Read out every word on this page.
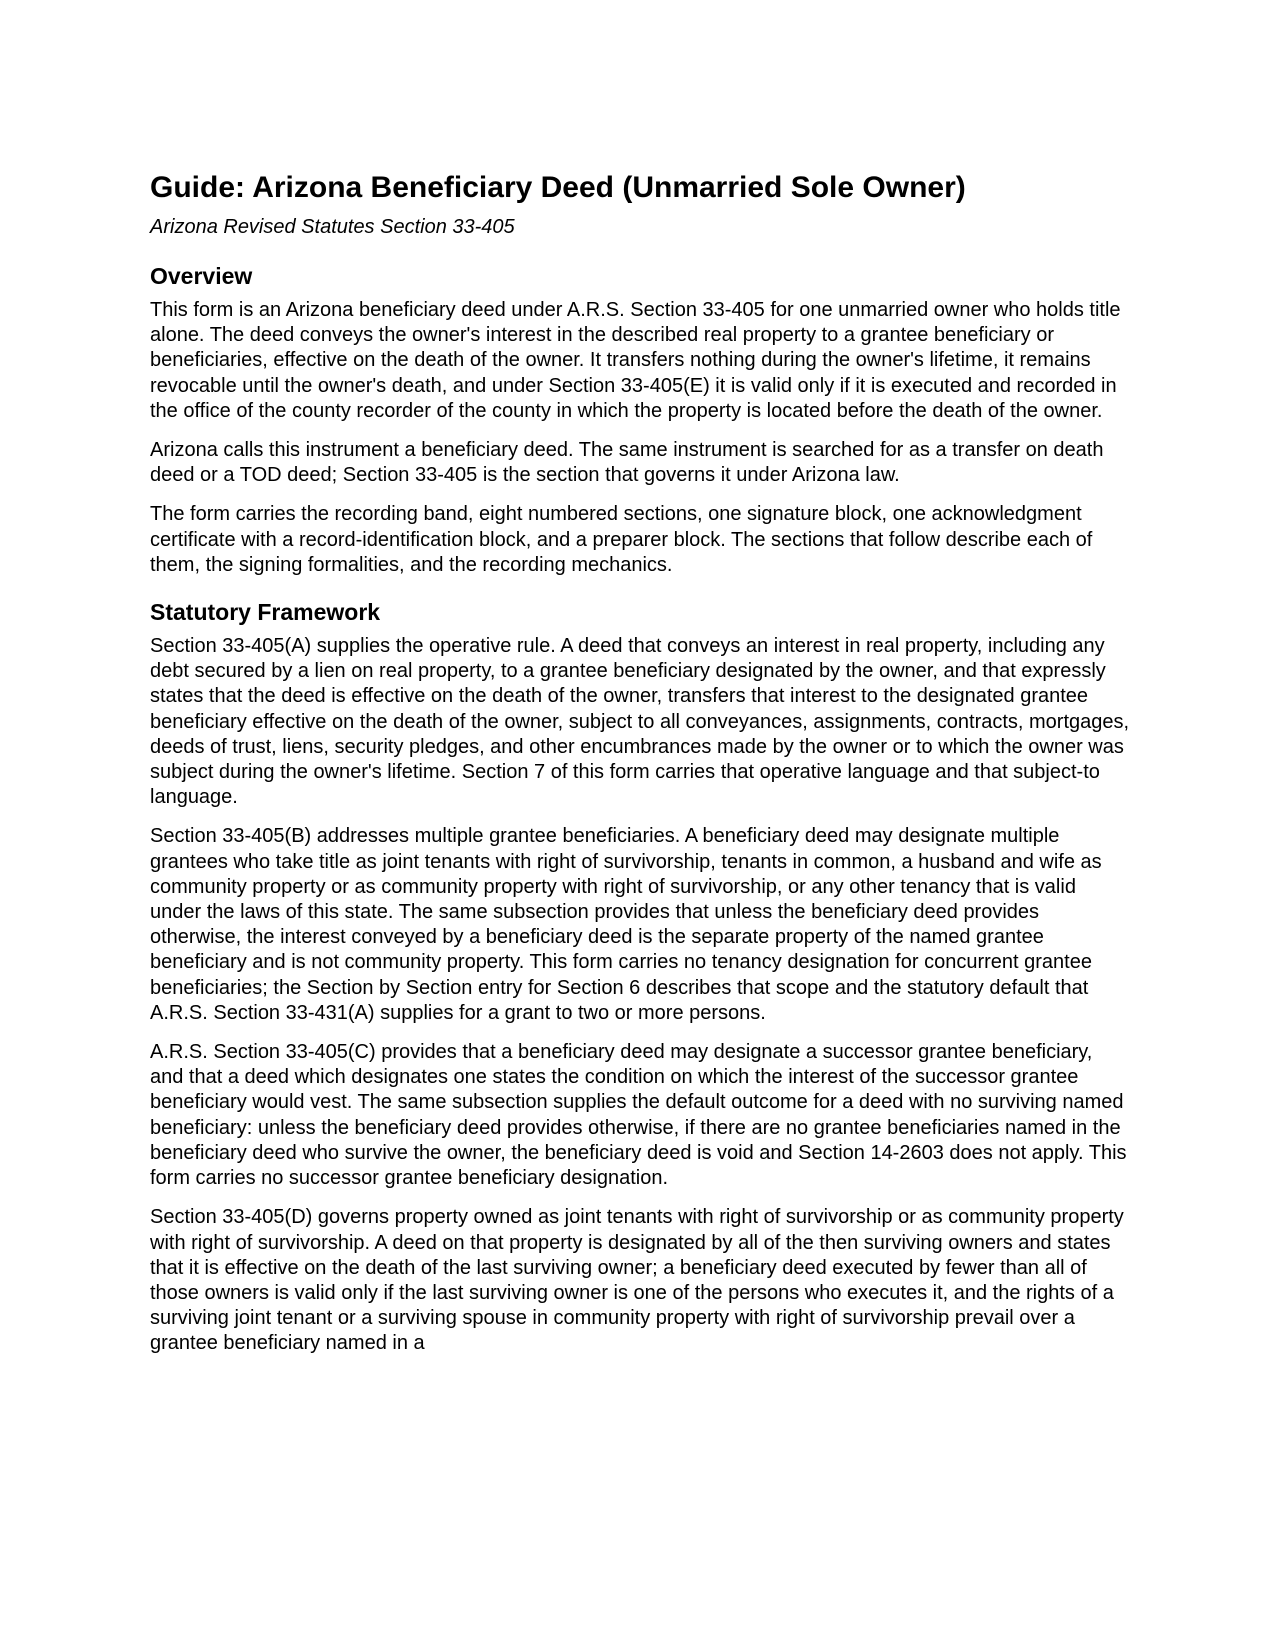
Guide: Arizona Beneficiary Deed (Unmarried Sole Owner)
Arizona Revised Statutes Section 33-405
Overview

This form is an Arizona beneficiary deed under A.R.S. Section 33-405 for one unmarried owner who holds title alone. The deed conveys the owner's interest in the described real property to a grantee beneficiary or beneficiaries, effective on the death of the owner. It transfers nothing during the owner's lifetime, it remains revocable until the owner's death, and under Section 33-405(E) it is valid only if it is executed and recorded in the office of the county recorder of the county in which the property is located before the death of the owner.

Arizona calls this instrument a beneficiary deed. The same instrument is searched for as a transfer on death deed or a TOD deed; Section 33-405 is the section that governs it under Arizona law.

The form carries the recording band, eight numbered sections, one signature block, one acknowledgment certificate with a record-identification block, and a preparer block. The sections that follow describe each of them, the signing formalities, and the recording mechanics.

Statutory Framework

Section 33-405(A) supplies the operative rule. A deed that conveys an interest in real property, including any debt secured by a lien on real property, to a grantee beneficiary designated by the owner, and that expressly states that the deed is effective on the death of the owner, transfers that interest to the designated grantee beneficiary effective on the death of the owner, subject to all conveyances, assignments, contracts, mortgages, deeds of trust, liens, security pledges, and other encumbrances made by the owner or to which the owner was subject during the owner's lifetime. Section 7 of this form carries that operative language and that subject-to language.

Section 33-405(B) addresses multiple grantee beneficiaries. A beneficiary deed may designate multiple grantees who take title as joint tenants with right of survivorship, tenants in common, a husband and wife as community property or as community property with right of survivorship, or any other tenancy that is valid under the laws of this state. The same subsection provides that unless the beneficiary deed provides otherwise, the interest conveyed by a beneficiary deed is the separate property of the named grantee beneficiary and is not community property. This form carries no tenancy designation for concurrent grantee beneficiaries; the Section by Section entry for Section 6 describes that scope and the statutory default that A.R.S. Section 33-431(A) supplies for a grant to two or more persons.

A.R.S. Section 33-405(C) provides that a beneficiary deed may designate a successor grantee beneficiary, and that a deed which designates one states the condition on which the interest of the successor grantee beneficiary would vest. The same subsection supplies the default outcome for a deed with no surviving named beneficiary: unless the beneficiary deed provides otherwise, if there are no grantee beneficiaries named in the beneficiary deed who survive the owner, the beneficiary deed is void and Section 14-2603 does not apply. This form carries no successor grantee beneficiary designation.

Section 33-405(D) governs property owned as joint tenants with right of survivorship or as community property with right of survivorship. A deed on that property is designated by all of the then surviving owners and states that it is effective on the death of the last surviving owner; a beneficiary deed executed by fewer than all of those owners is valid only if the last surviving owner is one of the persons who executes it, and the rights of a surviving joint tenant or a surviving spouse in community property with right of survivorship prevail over a grantee beneficiary named in a
